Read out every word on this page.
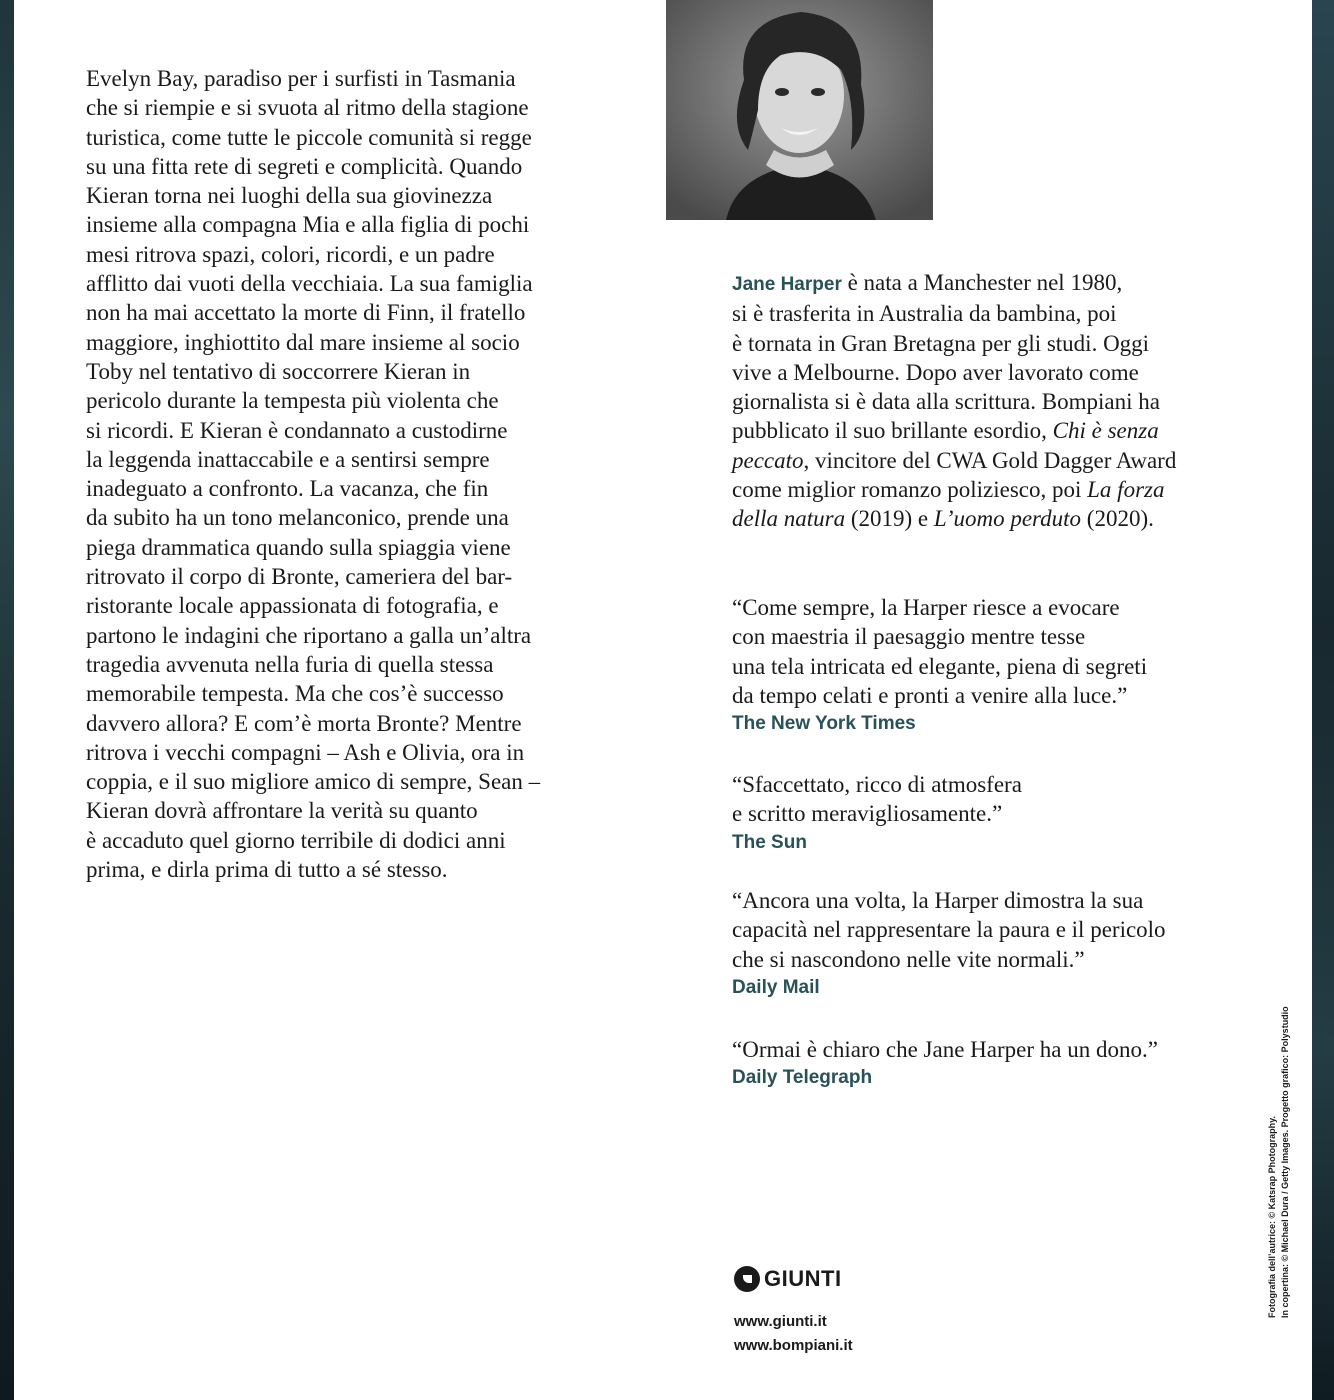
Evelyn Bay, paradiso per i surfisti in Tasmania
che si riempie e si svuota al ritmo della stagione
turistica, come tutte le piccole comunità si regge
su una fitta rete di segreti e complicità. Quando
Kieran torna nei luoghi della sua giovinezza
insieme alla compagna Mia e alla figlia di pochi
mesi ritrova spazi, colori, ricordi, e un padre
afflitto dai vuoti della vecchiaia. La sua famiglia
non ha mai accettato la morte di Finn, il fratello
maggiore, inghiottito dal mare insieme al socio
Toby nel tentativo di soccorrere Kieran in
pericolo durante la tempesta più violenta che
si ricordi. E Kieran è condannato a custodirne
la leggenda inattaccabile e a sentirsi sempre
inadeguato a confronto. La vacanza, che fin
da subito ha un tono melanconico, prende una
piega drammatica quando sulla spiaggia viene
ritrovato il corpo di Bronte, cameriera del bar-
ristorante locale appassionata di fotografia, e
partono le indagini che riportano a galla un’altra
tragedia avvenuta nella furia di quella stessa
memorabile tempesta. Ma che cos’è successo
davvero allora? E com’è morta Bronte? Mentre
ritrova i vecchi compagni – Ash e Olivia, ora in
coppia, e il suo migliore amico di sempre, Sean –
Kieran dovrà affrontare la verità su quanto
è accaduto quel giorno terribile di dodici anni
prima, e dirla prima di tutto a sé stesso.
Jane Harper è nata a Manchester nel 1980,
si è trasferita in Australia da bambina, poi
è tornata in Gran Bretagna per gli studi. Oggi
vive a Melbourne. Dopo aver lavorato come
giornalista si è data alla scrittura. Bompiani ha
pubblicato il suo brillante esordio, Chi è senza
peccato, vincitore del CWA Gold Dagger Award
come miglior romanzo poliziesco, poi La forza
della natura (2019) e L’uomo perduto (2020).
“Come sempre, la Harper riesce a evocare
con maestria il paesaggio mentre tesse
una tela intricata ed elegante, piena di segreti
da tempo celati e pronti a venire alla luce.”
The New York Times
“Sfaccettato, ricco di atmosfera
e scritto meravigliosamente.”
The Sun
“Ancora una volta, la Harper dimostra la sua
capacità nel rappresentare la paura e il pericolo
che si nascondono nelle vite normali.”
Daily Mail
“Ormai è chiaro che Jane Harper ha un dono.”
Daily Telegraph
GIUNTI
www.giunti.it
www.bompiani.it
Fotografia dell’autrice: © Katsrap Photography. In copertina: © Michael Dura / Getty Images. Progetto grafico: Polystudio
